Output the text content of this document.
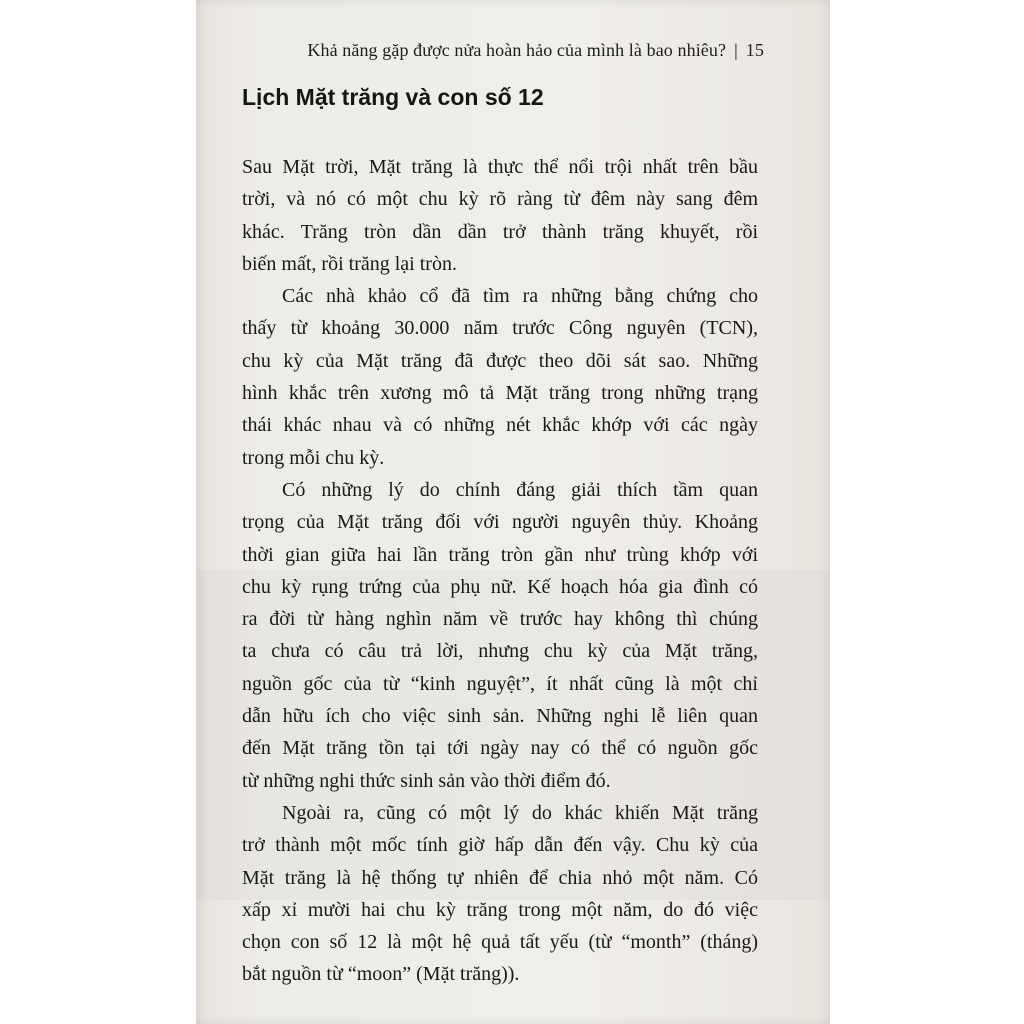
Khả năng gặp được nửa hoàn hảo của mình là bao nhiêu? | 15
Lịch Mặt trăng và con số 12
Sau Mặt trời, Mặt trăng là thực thể nổi trội nhất trên bầu
trời, và nó có một chu kỳ rõ ràng từ đêm này sang đêm
khác. Trăng tròn dần dần trở thành trăng khuyết, rồi
biến mất, rồi trăng lại tròn.
Các nhà khảo cổ đã tìm ra những bằng chứng cho
thấy từ khoảng 30.000 năm trước Công nguyên (TCN),
chu kỳ của Mặt trăng đã được theo dõi sát sao. Những
hình khắc trên xương mô tả Mặt trăng trong những trạng
thái khác nhau và có những nét khắc khớp với các ngày
trong mỗi chu kỳ.
Có những lý do chính đáng giải thích tầm quan
trọng của Mặt trăng đối với người nguyên thủy. Khoảng
thời gian giữa hai lần trăng tròn gần như trùng khớp với
chu kỳ rụng trứng của phụ nữ. Kế hoạch hóa gia đình có
ra đời từ hàng nghìn năm về trước hay không thì chúng
ta chưa có câu trả lời, nhưng chu kỳ của Mặt trăng,
nguồn gốc của từ “kinh nguyệt”, ít nhất cũng là một chỉ
dẫn hữu ích cho việc sinh sản. Những nghi lễ liên quan
đến Mặt trăng tồn tại tới ngày nay có thể có nguồn gốc
từ những nghi thức sinh sản vào thời điểm đó.
Ngoài ra, cũng có một lý do khác khiến Mặt trăng
trở thành một mốc tính giờ hấp dẫn đến vậy. Chu kỳ của
Mặt trăng là hệ thống tự nhiên để chia nhỏ một năm. Có
xấp xỉ mười hai chu kỳ trăng trong một năm, do đó việc
chọn con số 12 là một hệ quả tất yếu (từ “month” (tháng)
bắt nguồn từ “moon” (Mặt trăng)).
